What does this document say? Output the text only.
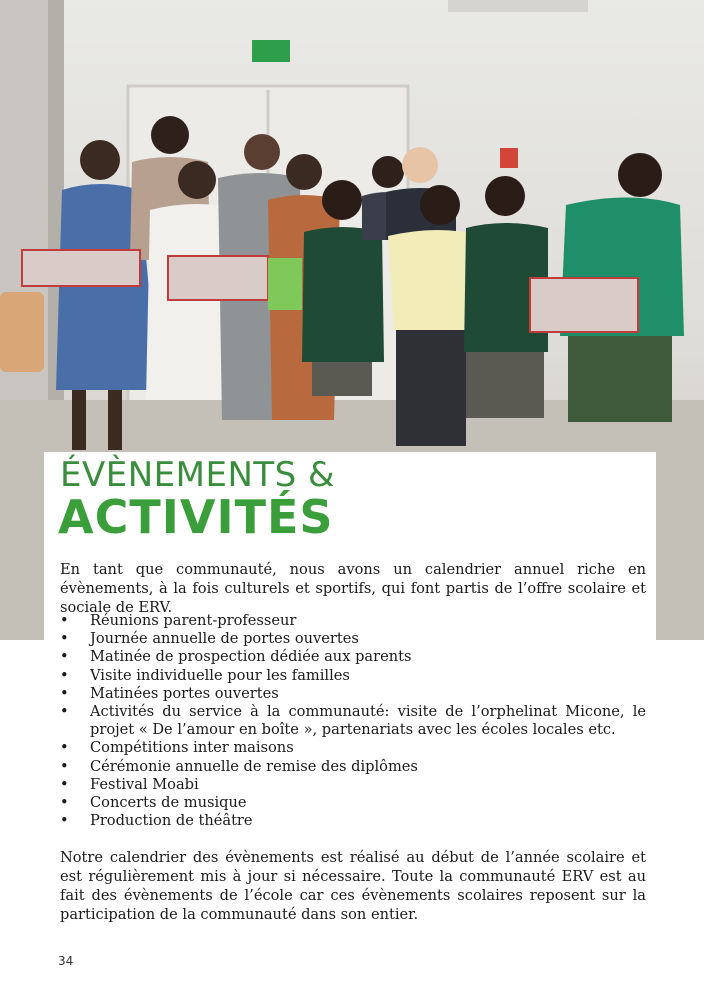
ÉVÈNEMENTS &
ACTIVITÉS

En tant que communauté, nous avons un calendrier annuel riche en évènements, à la fois culturels et sportifs, qui font partis de l’offre scolaire et sociale de ERV.

• Réunions parent-professeur
• Journée annuelle de portes ouvertes
• Matinée de prospection dédiée aux parents
• Visite individuelle pour les familles
• Matinées portes ouvertes
• Activités du service à la communauté: visite de l’orphelinat Micone, le projet « De l’amour en boîte », partenariats avec les écoles locales etc.
• Compétitions inter maisons
• Cérémonie annuelle de remise des diplômes
• Festival Moabi
• Concerts de musique
• Production de théâtre

Notre calendrier des évènements est réalisé au début de l’année scolaire et est régulièrement mis à jour si nécessaire. Toute la communauté ERV est au fait des évènements de l’école car ces évènements scolaires reposent sur la participation de la communauté dans son entier.

34
